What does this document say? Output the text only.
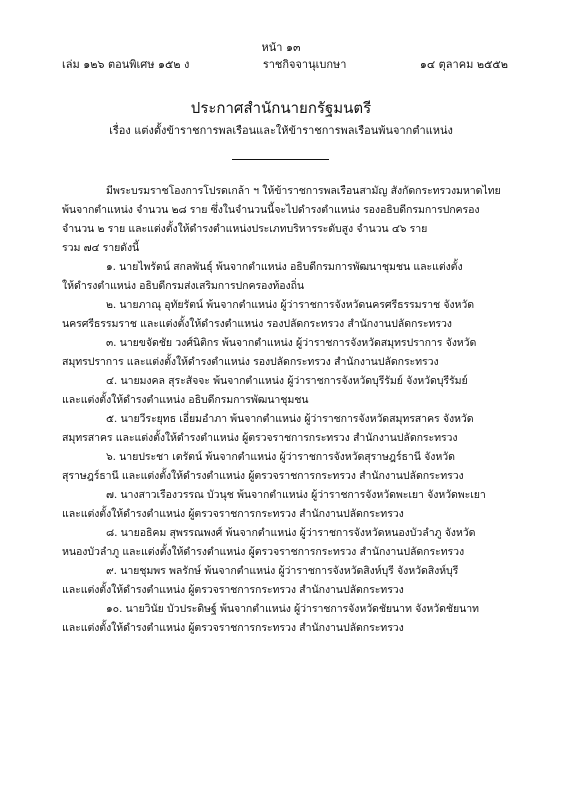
หน้า ๑๓
เล่ม ๑๒๖ ตอนพิเศษ ๑๕๒ ง	ราชกิจจานุเบกษา	๑๔ ตุลาคม ๒๕๕๒
ประกาศสำนักนายกรัฐมนตรี
เรื่อง แต่งตั้งข้าราชการพลเรือนและให้ข้าราชการพลเรือนพ้นจากตำแหน่ง
มีพระบรมราชโองการโปรดเกล้า ฯ ให้ข้าราชการพลเรือนสามัญ สังกัดกระทรวงมหาดไทย
พ้นจากตำแหน่ง จำนวน ๒๘ ราย ซึ่งในจำนวนนี้จะไปดำรงตำแหน่ง รองอธิบดีกรมการปกครอง
จำนวน ๒ ราย และแต่งตั้งให้ดำรงตำแหน่งประเภทบริหารระดับสูง จำนวน ๔๖ ราย
รวม ๗๔ รายดังนี้
๑. นายไพรัตน์ สกลพันธุ์ พ้นจากตำแหน่ง อธิบดีกรมการพัฒนาชุมชน และแต่งตั้ง
ให้ดำรงตำแหน่ง อธิบดีกรมส่งเสริมการปกครองท้องถิ่น
๒. นายภาณุ อุทัยรัตน์ พ้นจากตำแหน่ง ผู้ว่าราชการจังหวัดนครศรีธรรมราช จังหวัด
นครศรีธรรมราช และแต่งตั้งให้ดำรงตำแหน่ง รองปลัดกระทรวง สำนักงานปลัดกระทรวง
๓. นายขจัดชัย วงศ์นิติกร พ้นจากตำแหน่ง ผู้ว่าราชการจังหวัดสมุทรปราการ จังหวัด
สมุทรปราการ และแต่งตั้งให้ดำรงตำแหน่ง รองปลัดกระทรวง สำนักงานปลัดกระทรวง
๔. นายมงคล สุระสัจจะ พ้นจากตำแหน่ง ผู้ว่าราชการจังหวัดบุรีรัมย์ จังหวัดบุรีรัมย์
และแต่งตั้งให้ดำรงตำแหน่ง อธิบดีกรมการพัฒนาชุมชน
๕. นายวีระยุทธ เอี่ยมอำภา พ้นจากตำแหน่ง ผู้ว่าราชการจังหวัดสมุทรสาคร จังหวัด
สมุทรสาคร และแต่งตั้งให้ดำรงตำแหน่ง ผู้ตรวจราชการกระทรวง สำนักงานปลัดกระทรวง
๖. นายประชา เตรัตน์ พ้นจากตำแหน่ง ผู้ว่าราชการจังหวัดสุราษฎร์ธานี จังหวัด
สุราษฎร์ธานี และแต่งตั้งให้ดำรงตำแหน่ง ผู้ตรวจราชการกระทรวง สำนักงานปลัดกระทรวง
๗. นางสาวเรืองวรรณ บัวนุช พ้นจากตำแหน่ง ผู้ว่าราชการจังหวัดพะเยา จังหวัดพะเยา
และแต่งตั้งให้ดำรงตำแหน่ง ผู้ตรวจราชการกระทรวง สำนักงานปลัดกระทรวง
๘. นายอธิคม สุพรรณพงศ์ พ้นจากตำแหน่ง ผู้ว่าราชการจังหวัดหนองบัวลำภู จังหวัด
หนองบัวลำภู และแต่งตั้งให้ดำรงตำแหน่ง ผู้ตรวจราชการกระทรวง สำนักงานปลัดกระทรวง
๙. นายชุมพร พลรักษ์ พ้นจากตำแหน่ง ผู้ว่าราชการจังหวัดสิงห์บุรี จังหวัดสิงห์บุรี
และแต่งตั้งให้ดำรงตำแหน่ง ผู้ตรวจราชการกระทรวง สำนักงานปลัดกระทรวง
๑๐. นายวินัย บัวประดิษฐ์ พ้นจากตำแหน่ง ผู้ว่าราชการจังหวัดชัยนาท จังหวัดชัยนาท
และแต่งตั้งให้ดำรงตำแหน่ง ผู้ตรวจราชการกระทรวง สำนักงานปลัดกระทรวง
